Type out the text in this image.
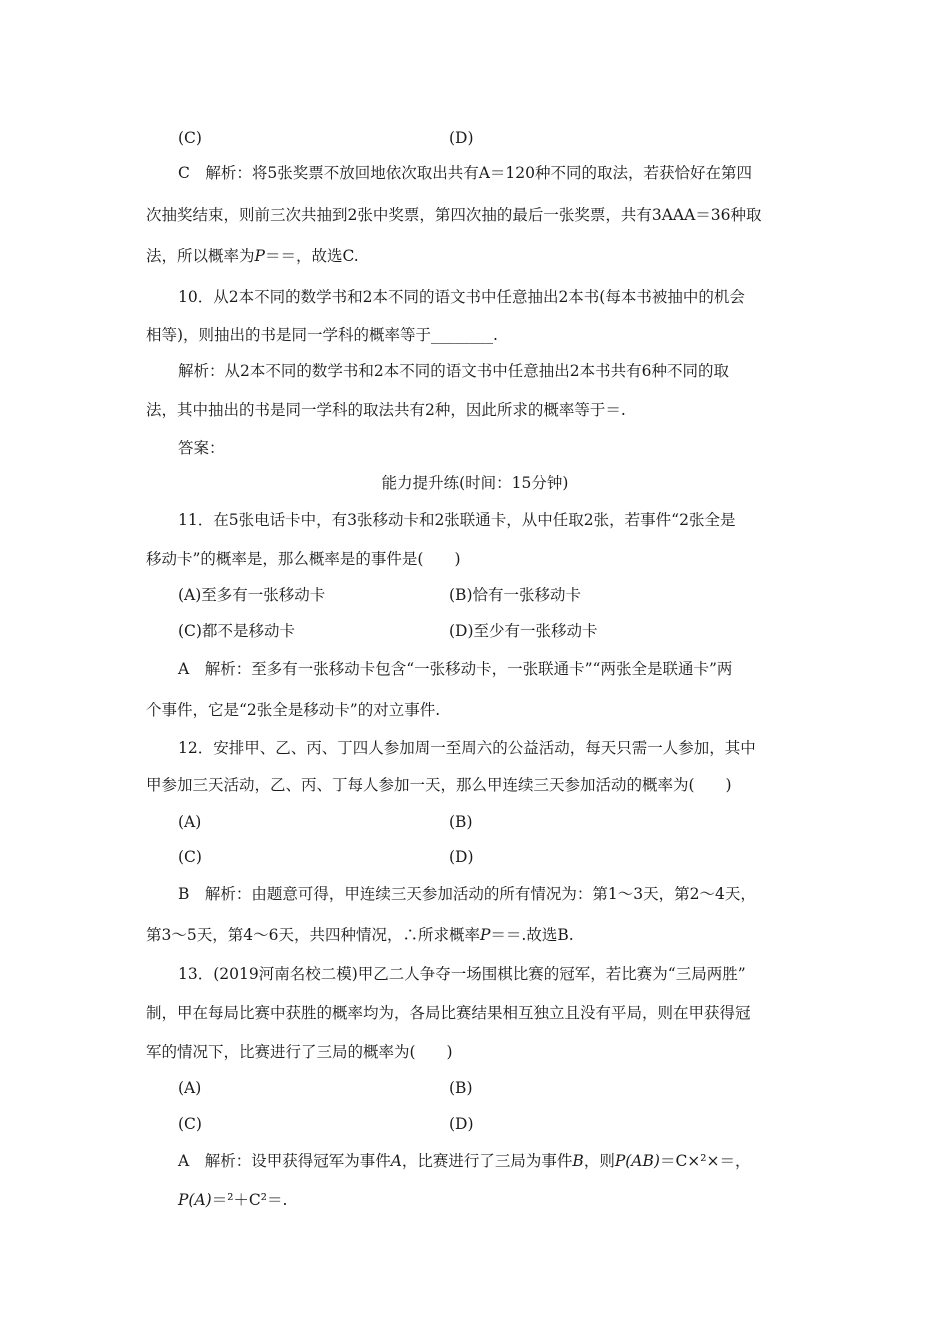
(C)	(D)
C　解析：将5张奖票不放回地依次取出共有A＝120种不同的取法，若获恰好在第四
次抽奖结束，则前三次共抽到2张中奖票，第四次抽的最后一张奖票，共有3AAA＝36种取
法，所以概率为P＝＝，故选C.
10．从2本不同的数学书和2本不同的语文书中任意抽出2本书(每本书被抽中的机会
相等)，则抽出的书是同一学科的概率等于________.
解析：从2本不同的数学书和2本不同的语文书中任意抽出2本书共有6种不同的取
法，其中抽出的书是同一学科的取法共有2种，因此所求的概率等于＝.
答案：
能力提升练(时间：15分钟)
11．在5张电话卡中，有3张移动卡和2张联通卡，从中任取2张，若事件“2张全是
移动卡”的概率是，那么概率是的事件是(　　)
(A)至多有一张移动卡	(B)恰有一张移动卡
(C)都不是移动卡	(D)至少有一张移动卡
A　解析：至多有一张移动卡包含“一张移动卡，一张联通卡”“两张全是联通卡”两
个事件，它是“2张全是移动卡”的对立事件.
12．安排甲、乙、丙、丁四人参加周一至周六的公益活动，每天只需一人参加，其中
甲参加三天活动，乙、丙、丁每人参加一天，那么甲连续三天参加活动的概率为(　　)
(A)	(B)
(C)	(D)
B　解析：由题意可得，甲连续三天参加活动的所有情况为：第1～3天，第2～4天，
第3～5天，第4～6天，共四种情况，∴所求概率P＝＝.故选B.
13．(2019河南名校二模)甲乙二人争夺一场围棋比赛的冠军，若比赛为“三局两胜”
制，甲在每局比赛中获胜的概率均为，各局比赛结果相互独立且没有平局，则在甲获得冠
军的情况下，比赛进行了三局的概率为(　　)
(A)	(B)
(C)	(D)
A　解析：设甲获得冠军为事件A，比赛进行了三局为事件B，则P(AB)＝C×²×＝，
P(A)＝²＋C²＝.
